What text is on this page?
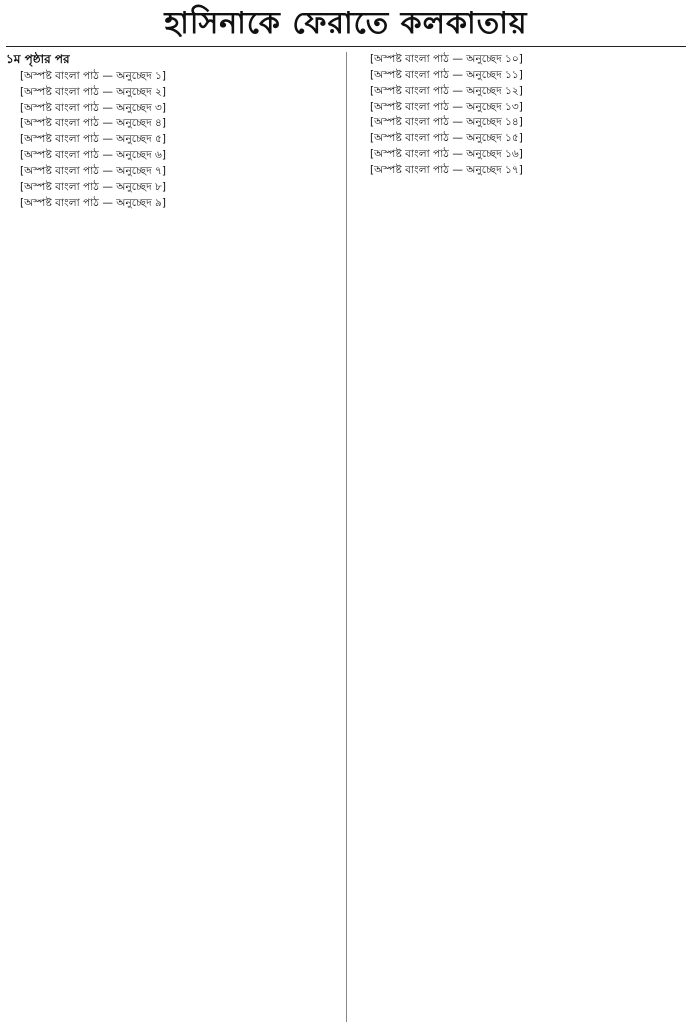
হাসিনাকে ফেরাতে কলকাতায়
১ম পৃষ্ঠার পর

[অস্পষ্ট বাংলা পাঠ — অনুচ্ছেদ ১]

[অস্পষ্ট বাংলা পাঠ — অনুচ্ছেদ ২]

[অস্পষ্ট বাংলা পাঠ — অনুচ্ছেদ ৩]

[অস্পষ্ট বাংলা পাঠ — অনুচ্ছেদ ৪]

[অস্পষ্ট বাংলা পাঠ — অনুচ্ছেদ ৫]

[অস্পষ্ট বাংলা পাঠ — অনুচ্ছেদ ৬]

[অস্পষ্ট বাংলা পাঠ — অনুচ্ছেদ ৭]

[অস্পষ্ট বাংলা পাঠ — অনুচ্ছেদ ৮]

[অস্পষ্ট বাংলা পাঠ — অনুচ্ছেদ ৯]

[অস্পষ্ট বাংলা পাঠ — অনুচ্ছেদ ১০]

[অস্পষ্ট বাংলা পাঠ — অনুচ্ছেদ ১১]

[অস্পষ্ট বাংলা পাঠ — অনুচ্ছেদ ১২]

[অস্পষ্ট বাংলা পাঠ — অনুচ্ছেদ ১৩]

[অস্পষ্ট বাংলা পাঠ — অনুচ্ছেদ ১৪]

[অস্পষ্ট বাংলা পাঠ — অনুচ্ছেদ ১৫]

[অস্পষ্ট বাংলা পাঠ — অনুচ্ছেদ ১৬]

[অস্পষ্ট বাংলা পাঠ — অনুচ্ছেদ ১৭]
